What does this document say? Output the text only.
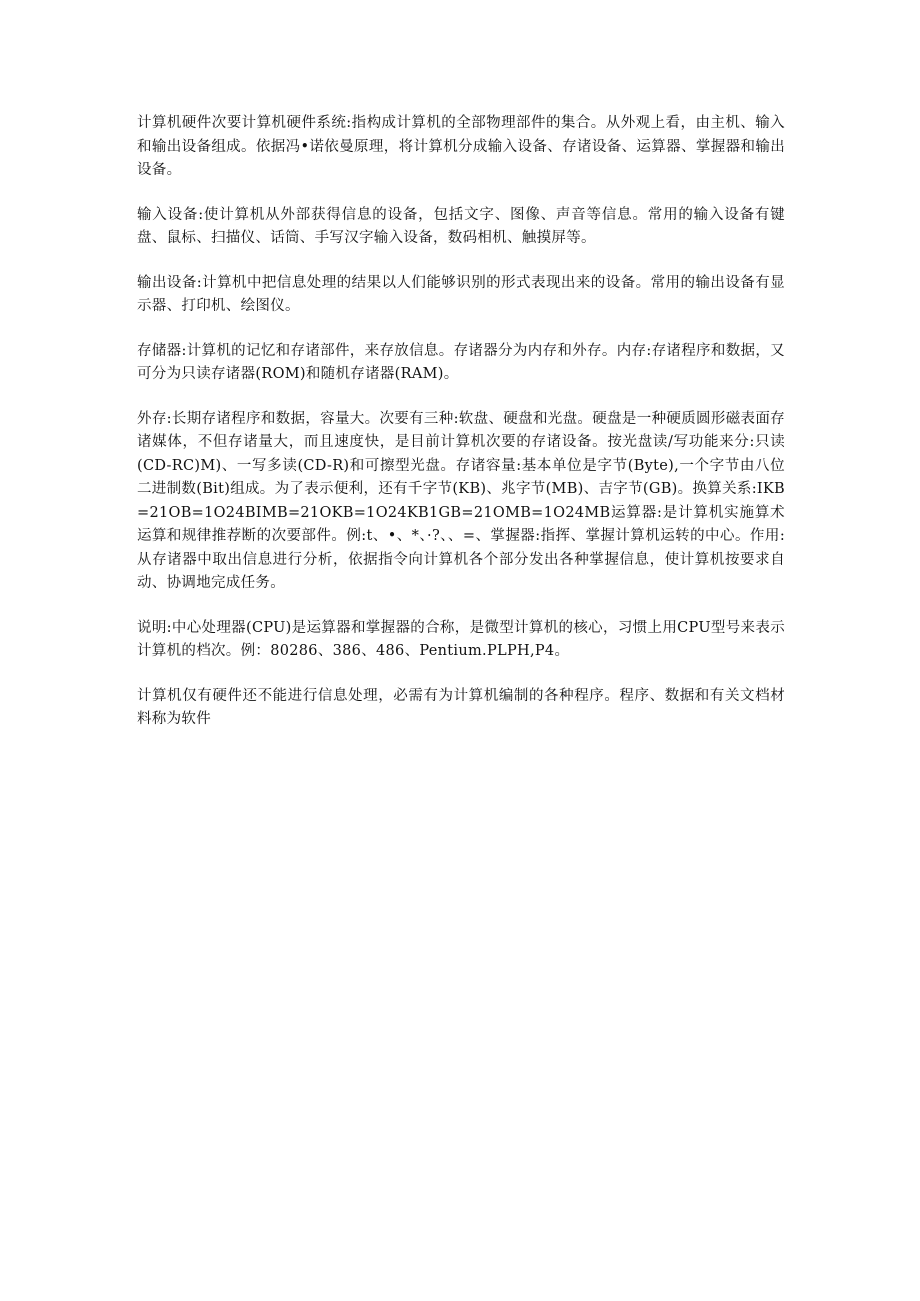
计算机硬件次要计算机硬件系统:指构成计算机的全部物理部件的集合。从外观上看，由主机、输入和输出设备组成。依据冯•诺依曼原理，将计算机分成输入设备、存诸设备、运算器、掌握器和输出设备。

输入设备:使计算机从外部获得信息的设备，包括文字、图像、声音等信息。常用的输入设备有键盘、鼠标、扫描仪、话筒、手写汉字输入设备，数码相机、触摸屏等。

输出设备:计算机中把信息处理的结果以人们能够识别的形式表现出来的设备。常用的输出设备有显示器、打印机、绘图仪。

存储器:计算机的记忆和存诸部件，来存放信息。存诸器分为内存和外存。内存:存诸程序和数据，又可分为只读存诸器(ROM)和随机存诸器(RAM)。

外存:长期存诸程序和数据，容量大。次要有三种:软盘、硬盘和光盘。硬盘是一种硬质圆形磁表面存诸媒体，不但存诸量大，而且速度快，是目前计算机次要的存诸设备。按光盘读/写功能来分:只读(CD-RC)M)、一写多读(CD-R)和可擦型光盘。存诸容量:基本单位是字节(Byte),一个字节由八位二进制数(Bit)组成。为了表示便利，还有千字节(KB)、兆字节(MB)、吉字节(GB)。换算关系:IKB=21OB=1O24BIMB=21OKB=1O24KB1GB=21OMB=1O24MB运算器:是计算机实施算术运算和规律推荐断的次要部件。例:t、•、*、·?、、=、掌握器:指挥、掌握计算机运转的中心。作用:从存诸器中取出信息进行分析，依据指令向计算机各个部分发出各种掌握信息，使计算机按要求自动、协调地完成任务。

说明:中心处理器(CPU)是运算器和掌握器的合称，是微型计算机的核心，习惯上用CPU型号来表示计算机的档次。例：80286、386、486、Pentium.PLPH,P4。

计算机仅有硬件还不能进行信息处理，必需有为计算机编制的各种程序。程序、数据和有关文档材料称为软件
